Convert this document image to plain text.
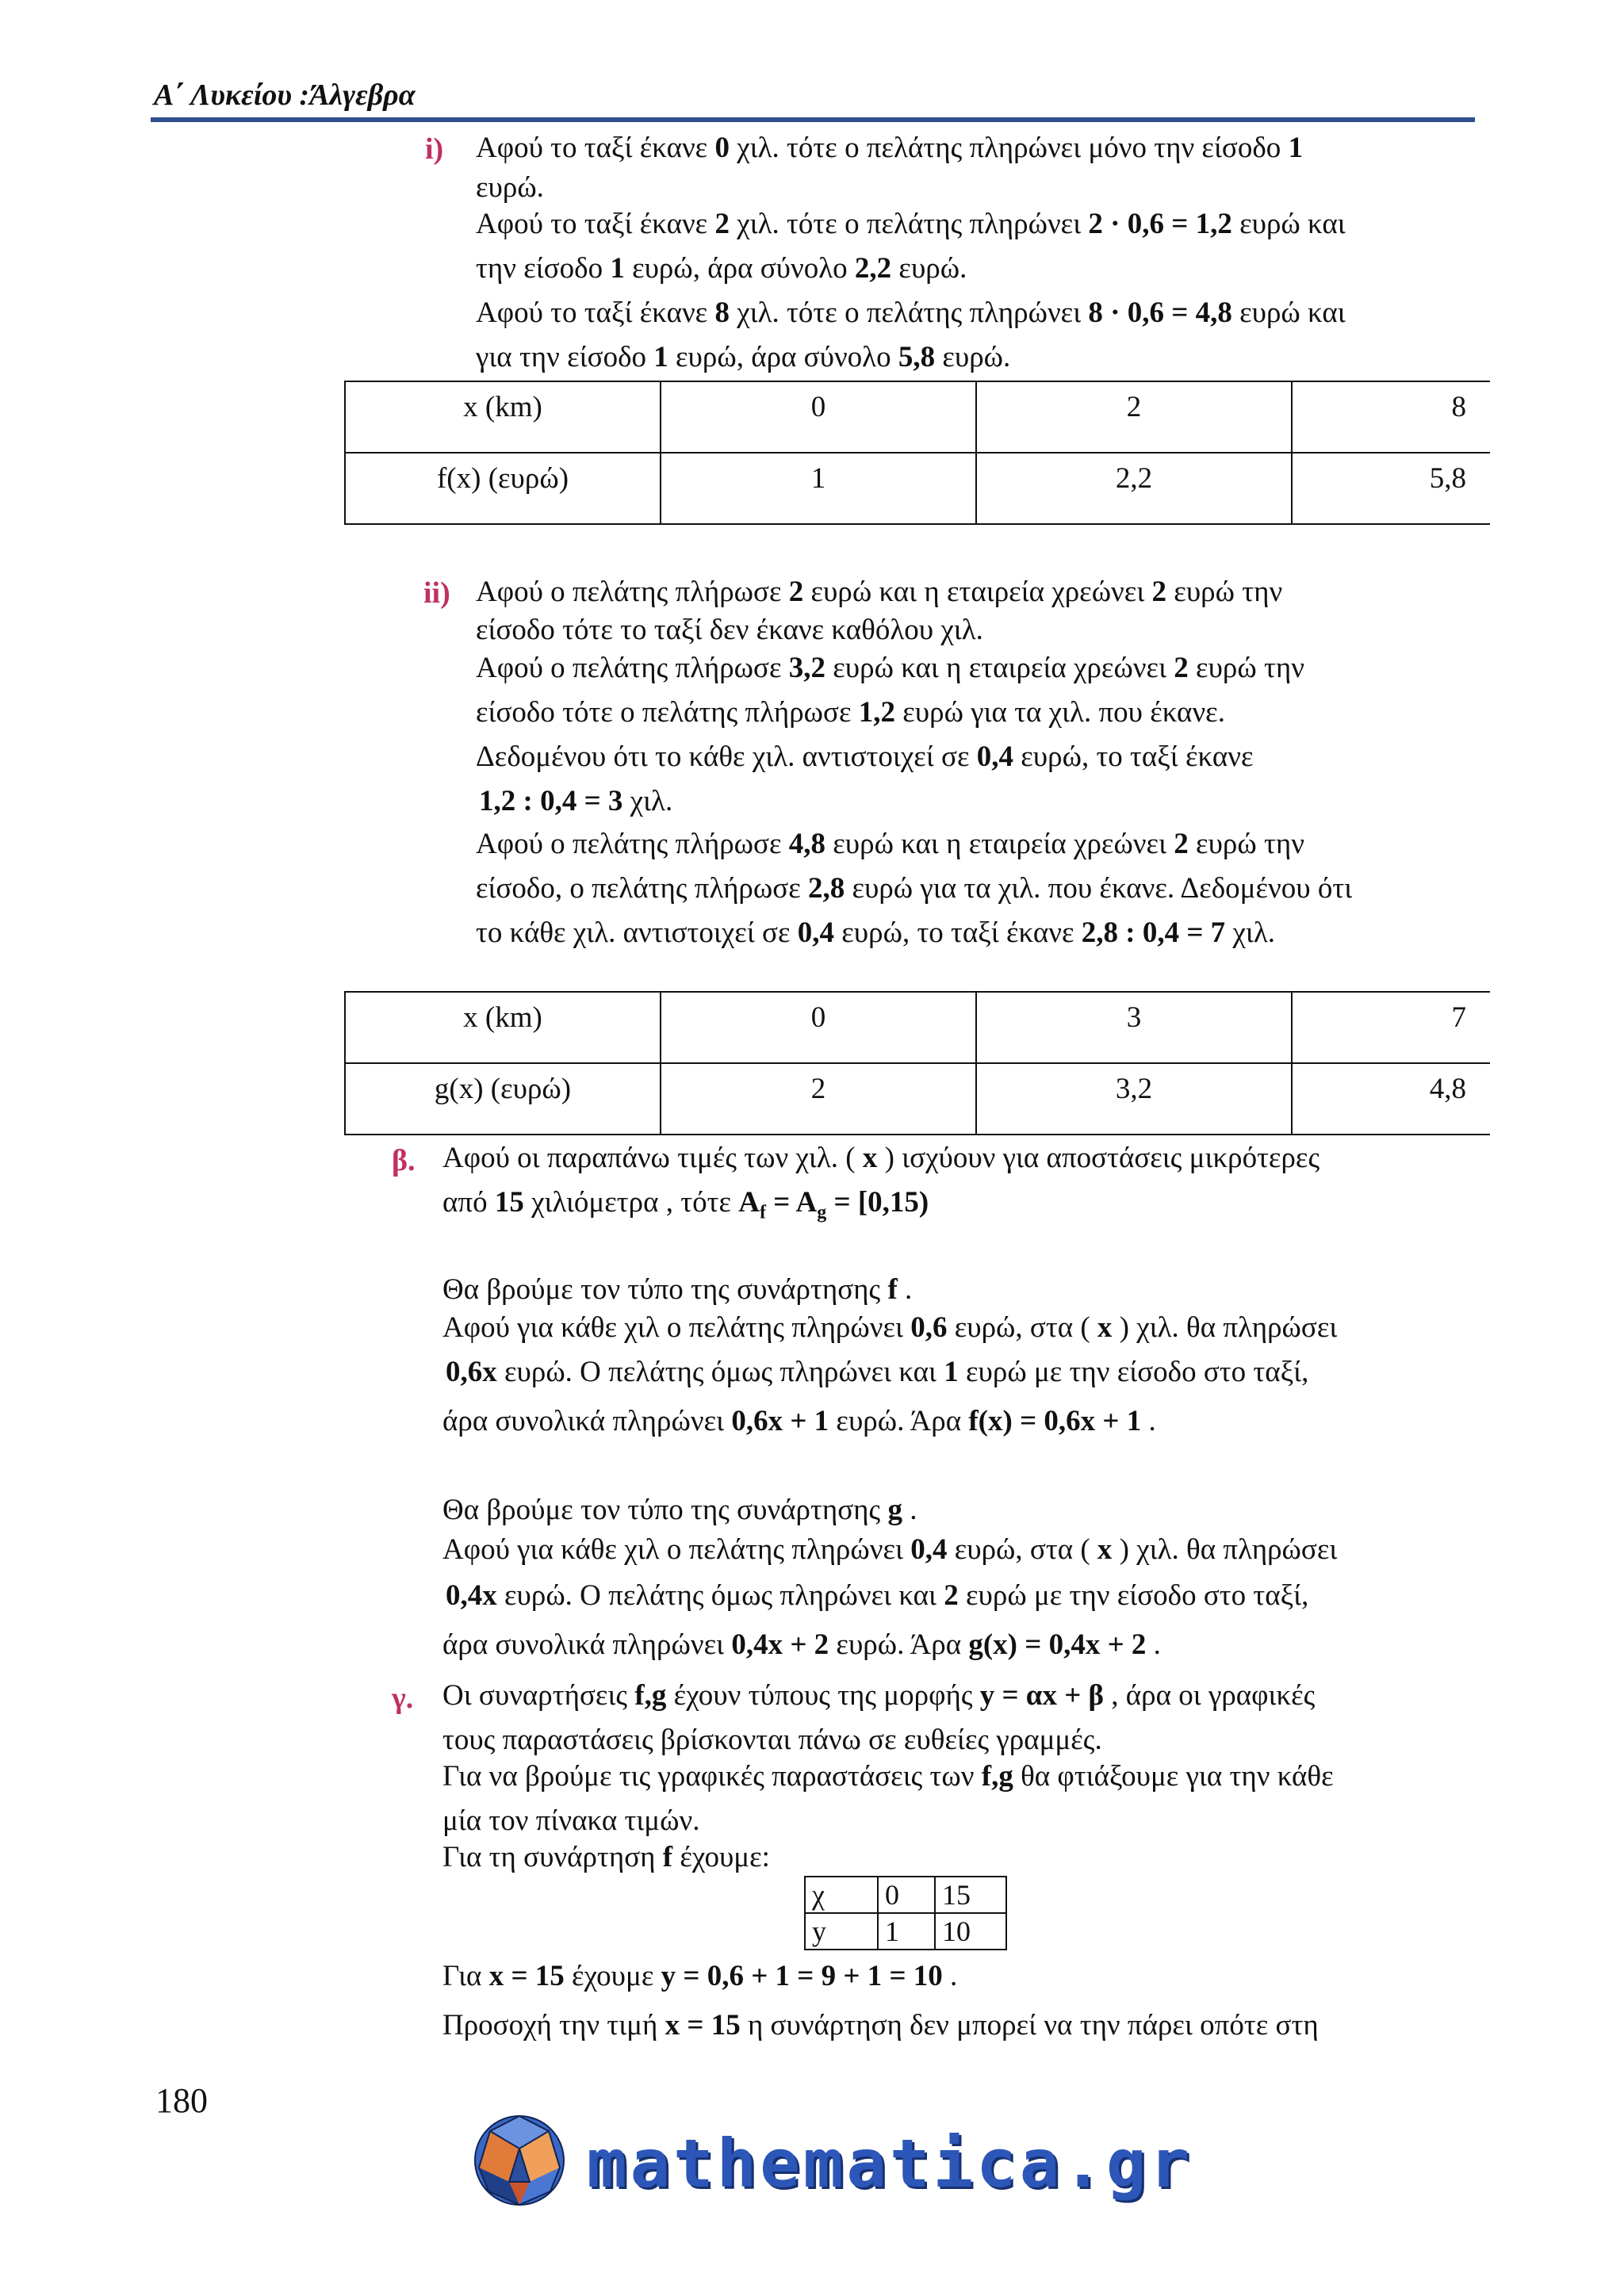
Α΄ Λυκείου :Άλγεβρα
i) Αφού το ταξί έκανε 0 χιλ. τότε ο πελάτης πληρώνει μόνο την είσοδο 1
ευρώ.
Αφού το ταξί έκανε 2 χιλ. τότε ο πελάτης πληρώνει 2 · 0,6 = 1,2 ευρώ και
την είσοδο 1 ευρώ, άρα σύνολο 2,2 ευρώ.
Αφού το ταξί έκανε 8 χιλ. τότε ο πελάτης πληρώνει 8 · 0,6 = 4,8 ευρώ και
για την είσοδο 1 ευρώ, άρα σύνολο 5,8 ευρώ.
x (km)	0	2	8

f(x) (ευρώ)	1	2,2	5,8
ii) Αφού ο πελάτης πλήρωσε 2 ευρώ και η εταιρεία χρεώνει 2 ευρώ την
είσοδο τότε το ταξί δεν έκανε καθόλου χιλ.
Αφού ο πελάτης πλήρωσε 3,2 ευρώ και η εταιρεία χρεώνει 2 ευρώ την
είσοδο τότε ο πελάτης πλήρωσε 1,2 ευρώ για τα χιλ. που έκανε.
Δεδομένου ότι το κάθε χιλ. αντιστοιχεί σε 0,4 ευρώ, το ταξί έκανε
1,2 : 0,4 = 3 χιλ.
Αφού ο πελάτης πλήρωσε 4,8 ευρώ και η εταιρεία χρεώνει 2 ευρώ την
είσοδο, ο πελάτης πλήρωσε 2,8 ευρώ για τα χιλ. που έκανε. Δεδομένου ότι
το κάθε χιλ. αντιστοιχεί σε 0,4 ευρώ, το ταξί έκανε 2,8 : 0,4 = 7 χιλ.
x (km)	0	3	7

g(x) (ευρώ)	2	3,2	4,8
β. Αφού οι παραπάνω τιμές των χιλ. ( x ) ισχύουν για αποστάσεις μικρότερες
από 15 χιλιόμετρα , τότε $A_f = A_g = [0,15)$
Θα βρούμε τον τύπο της συνάρτησης f .
Αφού για κάθε χιλ ο πελάτης πληρώνει 0,6 ευρώ, στα ( x ) χιλ. θα πληρώσει
0,6x ευρώ. Ο πελάτης όμως πληρώνει και 1 ευρώ με την είσοδο στο ταξί,
άρα συνολικά πληρώνει 0,6x + 1 ευρώ. Άρα f(x) = 0,6x + 1 .
Θα βρούμε τον τύπο της συνάρτησης g .
Αφού για κάθε χιλ ο πελάτης πληρώνει 0,4 ευρώ, στα ( x ) χιλ. θα πληρώσει
0,4x ευρώ. Ο πελάτης όμως πληρώνει και 2 ευρώ με την είσοδο στο ταξί,
άρα συνολικά πληρώνει 0,4x + 2 ευρώ. Άρα g(x) = 0,4x + 2 .
γ. Οι συναρτήσεις f,g έχουν τύπους της μορφής y = αx + β , άρα οι γραφικές
τους παραστάσεις βρίσκονται πάνω σε ευθείες γραμμές.
Για να βρούμε τις γραφικές παραστάσεις των f,g θα φτιάξουμε για την κάθε
μία τον πίνακα τιμών.
Για τη συνάρτηση f έχουμε:
χ	0	15

y	1	10
Για x = 15 έχουμε y = 0,6 + 1 = 9 + 1 = 10 .
Προσοχή την τιμή x = 15 η συνάρτηση δεν μπορεί να την πάρει οπότε στη
180
mathematica.gr
